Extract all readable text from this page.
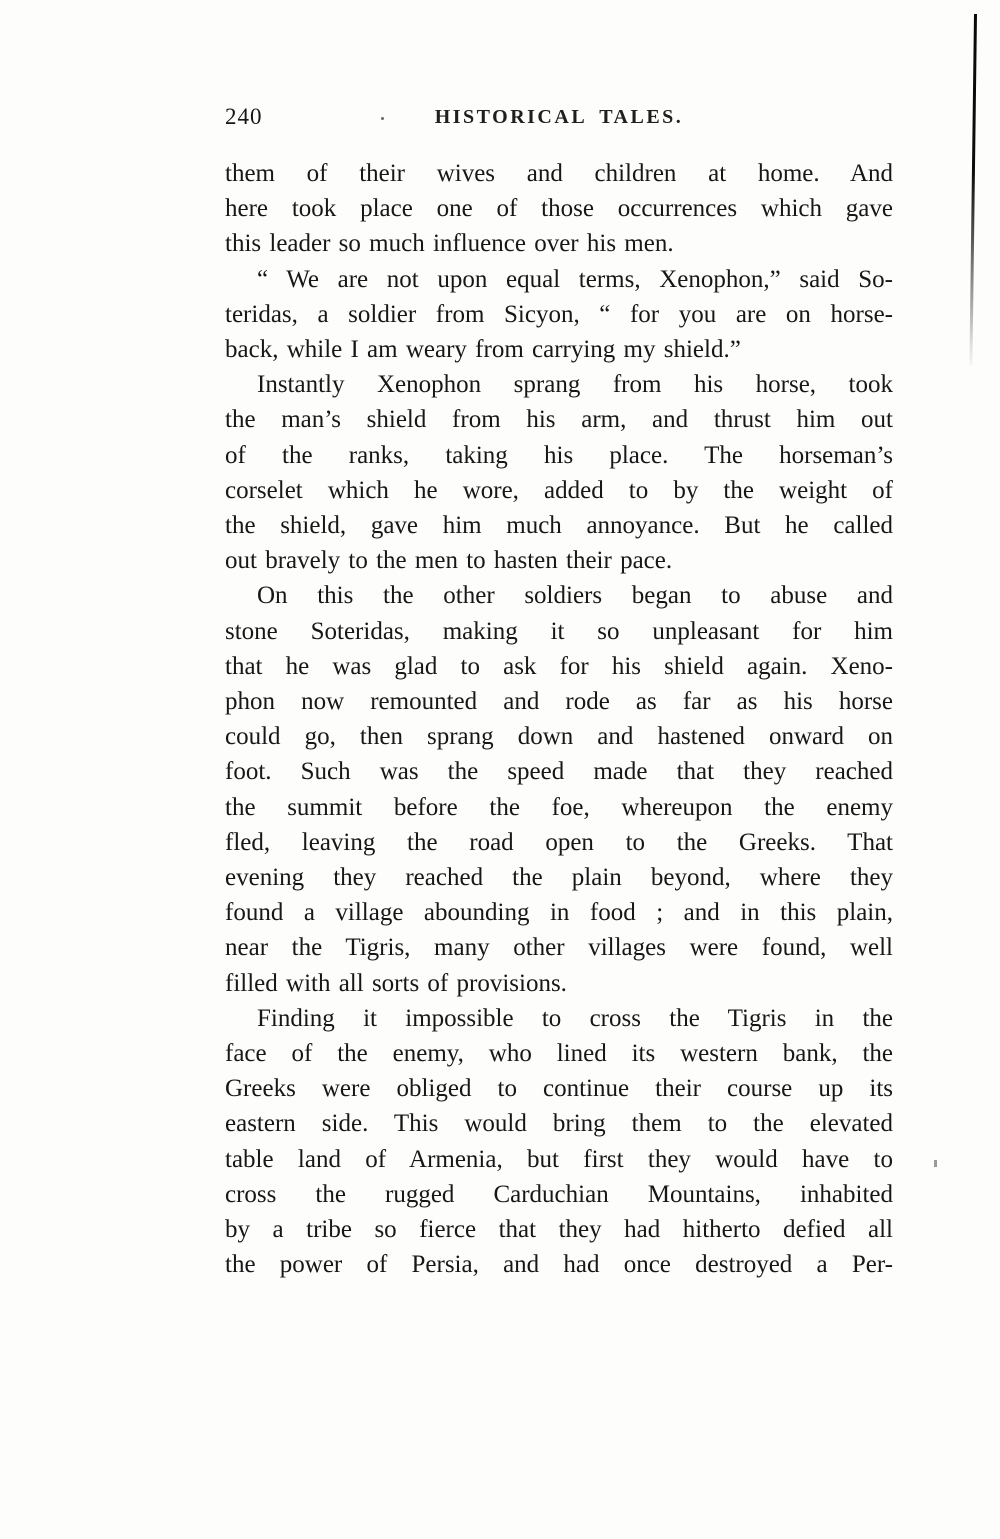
240	HISTORICAL TALES.
them of their wives and children at home. And
here took place one of those occurrences which gave
this leader so much influence over his men.
“ We are not upon equal terms, Xenophon,” said So-
teridas, a soldier from Sicyon, “ for you are on horse-
back, while I am weary from carrying my shield.”
Instantly Xenophon sprang from his horse, took
the man’s shield from his arm, and thrust him out
of the ranks, taking his place. The horseman’s
corselet which he wore, added to by the weight of
the shield, gave him much annoyance. But he called
out bravely to the men to hasten their pace.
On this the other soldiers began to abuse and
stone Soteridas, making it so unpleasant for him
that he was glad to ask for his shield again. Xeno-
phon now remounted and rode as far as his horse
could go, then sprang down and hastened onward on
foot. Such was the speed made that they reached
the summit before the foe, whereupon the enemy
fled, leaving the road open to the Greeks. That
evening they reached the plain beyond, where they
found a village abounding in food ; and in this plain,
near the Tigris, many other villages were found, well
filled with all sorts of provisions.
Finding it impossible to cross the Tigris in the
face of the enemy, who lined its western bank, the
Greeks were obliged to continue their course up its
eastern side. This would bring them to the elevated
table land of Armenia, but first they would have to
cross the rugged Carduchian Mountains, inhabited
by a tribe so fierce that they had hitherto defied all
the power of Persia, and had once destroyed a Per-
